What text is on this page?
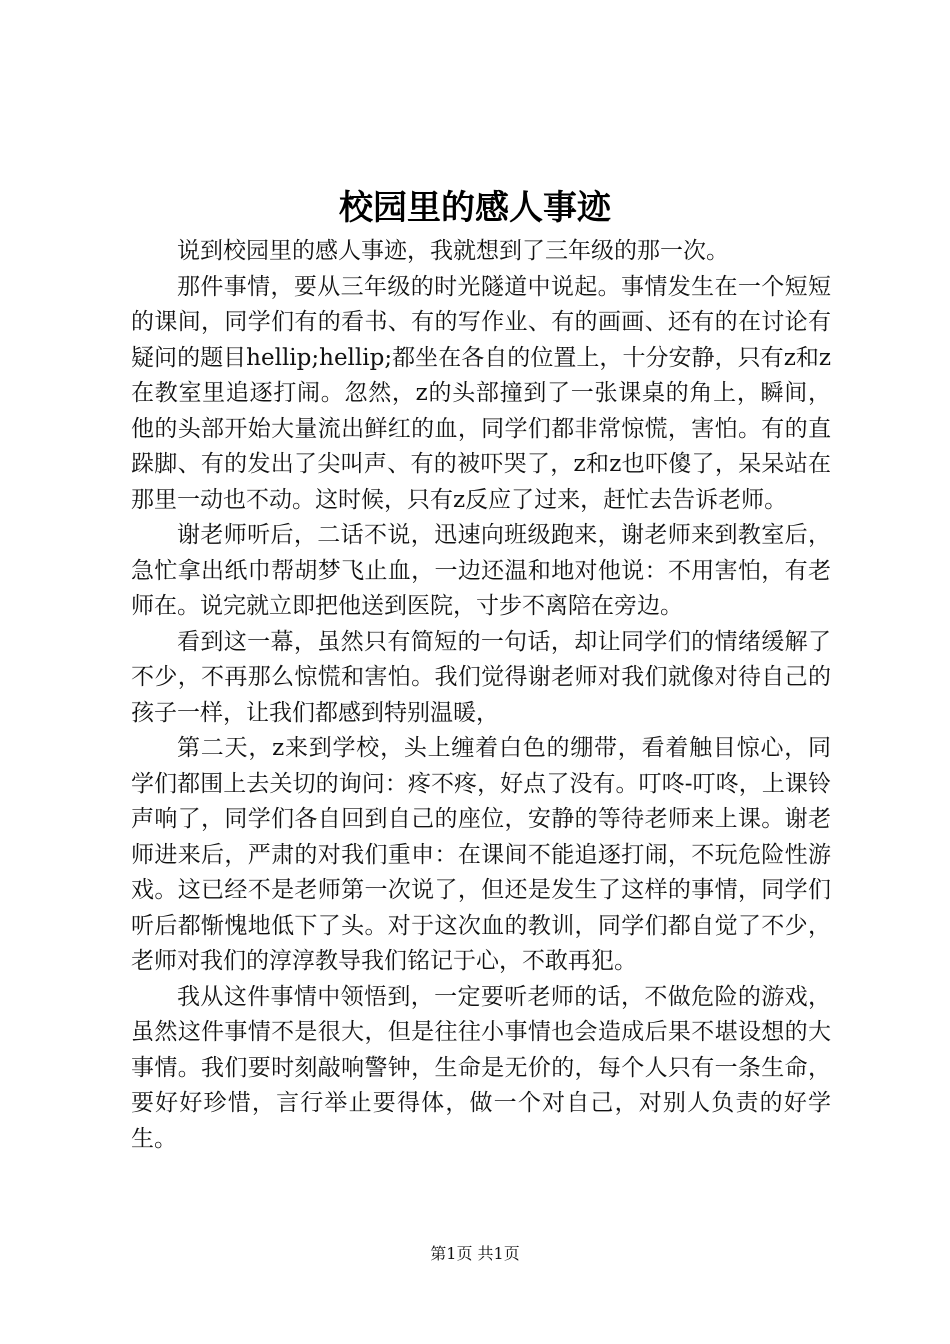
校园里的感人事迹

说到校园里的感人事迹，我就想到了三年级的那一次。

那件事情，要从三年级的时光隧道中说起。事情发生在一个短短的课间，同学们有的看书、有的写作业、有的画画、还有的在讨论有疑问的题目hellip;hellip;都坐在各自的位置上，十分安静，只有z和z在教室里追逐打闹。忽然，z的头部撞到了一张课桌的角上，瞬间，他的头部开始大量流出鲜红的血，同学们都非常惊慌，害怕。有的直跺脚、有的发出了尖叫声、有的被吓哭了，z和z也吓傻了，呆呆站在那里一动也不动。这时候，只有z反应了过来，赶忙去告诉老师。

谢老师听后，二话不说，迅速向班级跑来，谢老师来到教室后，急忙拿出纸巾帮胡梦飞止血，一边还温和地对他说：不用害怕，有老师在。说完就立即把他送到医院，寸步不离陪在旁边。

看到这一幕，虽然只有简短的一句话，却让同学们的情绪缓解了不少，不再那么惊慌和害怕。我们觉得谢老师对我们就像对待自己的孩子一样，让我们都感到特别温暖，

第二天，z来到学校，头上缠着白色的绷带，看着触目惊心，同学们都围上去关切的询问：疼不疼，好点了没有。叮咚-叮咚，上课铃声响了，同学们各自回到自己的座位，安静的等待老师来上课。谢老师进来后，严肃的对我们重申：在课间不能追逐打闹，不玩危险性游戏。这已经不是老师第一次说了，但还是发生了这样的事情，同学们听后都惭愧地低下了头。对于这次血的教训，同学们都自觉了不少，老师对我们的淳淳教导我们铭记于心，不敢再犯。

我从这件事情中领悟到，一定要听老师的话，不做危险的游戏，虽然这件事情不是很大，但是往往小事情也会造成后果不堪设想的大事情。我们要时刻敲响警钟，生命是无价的，每个人只有一条生命，要好好珍惜，言行举止要得体，做一个对自己，对别人负责的好学生。

第1页 共1页
